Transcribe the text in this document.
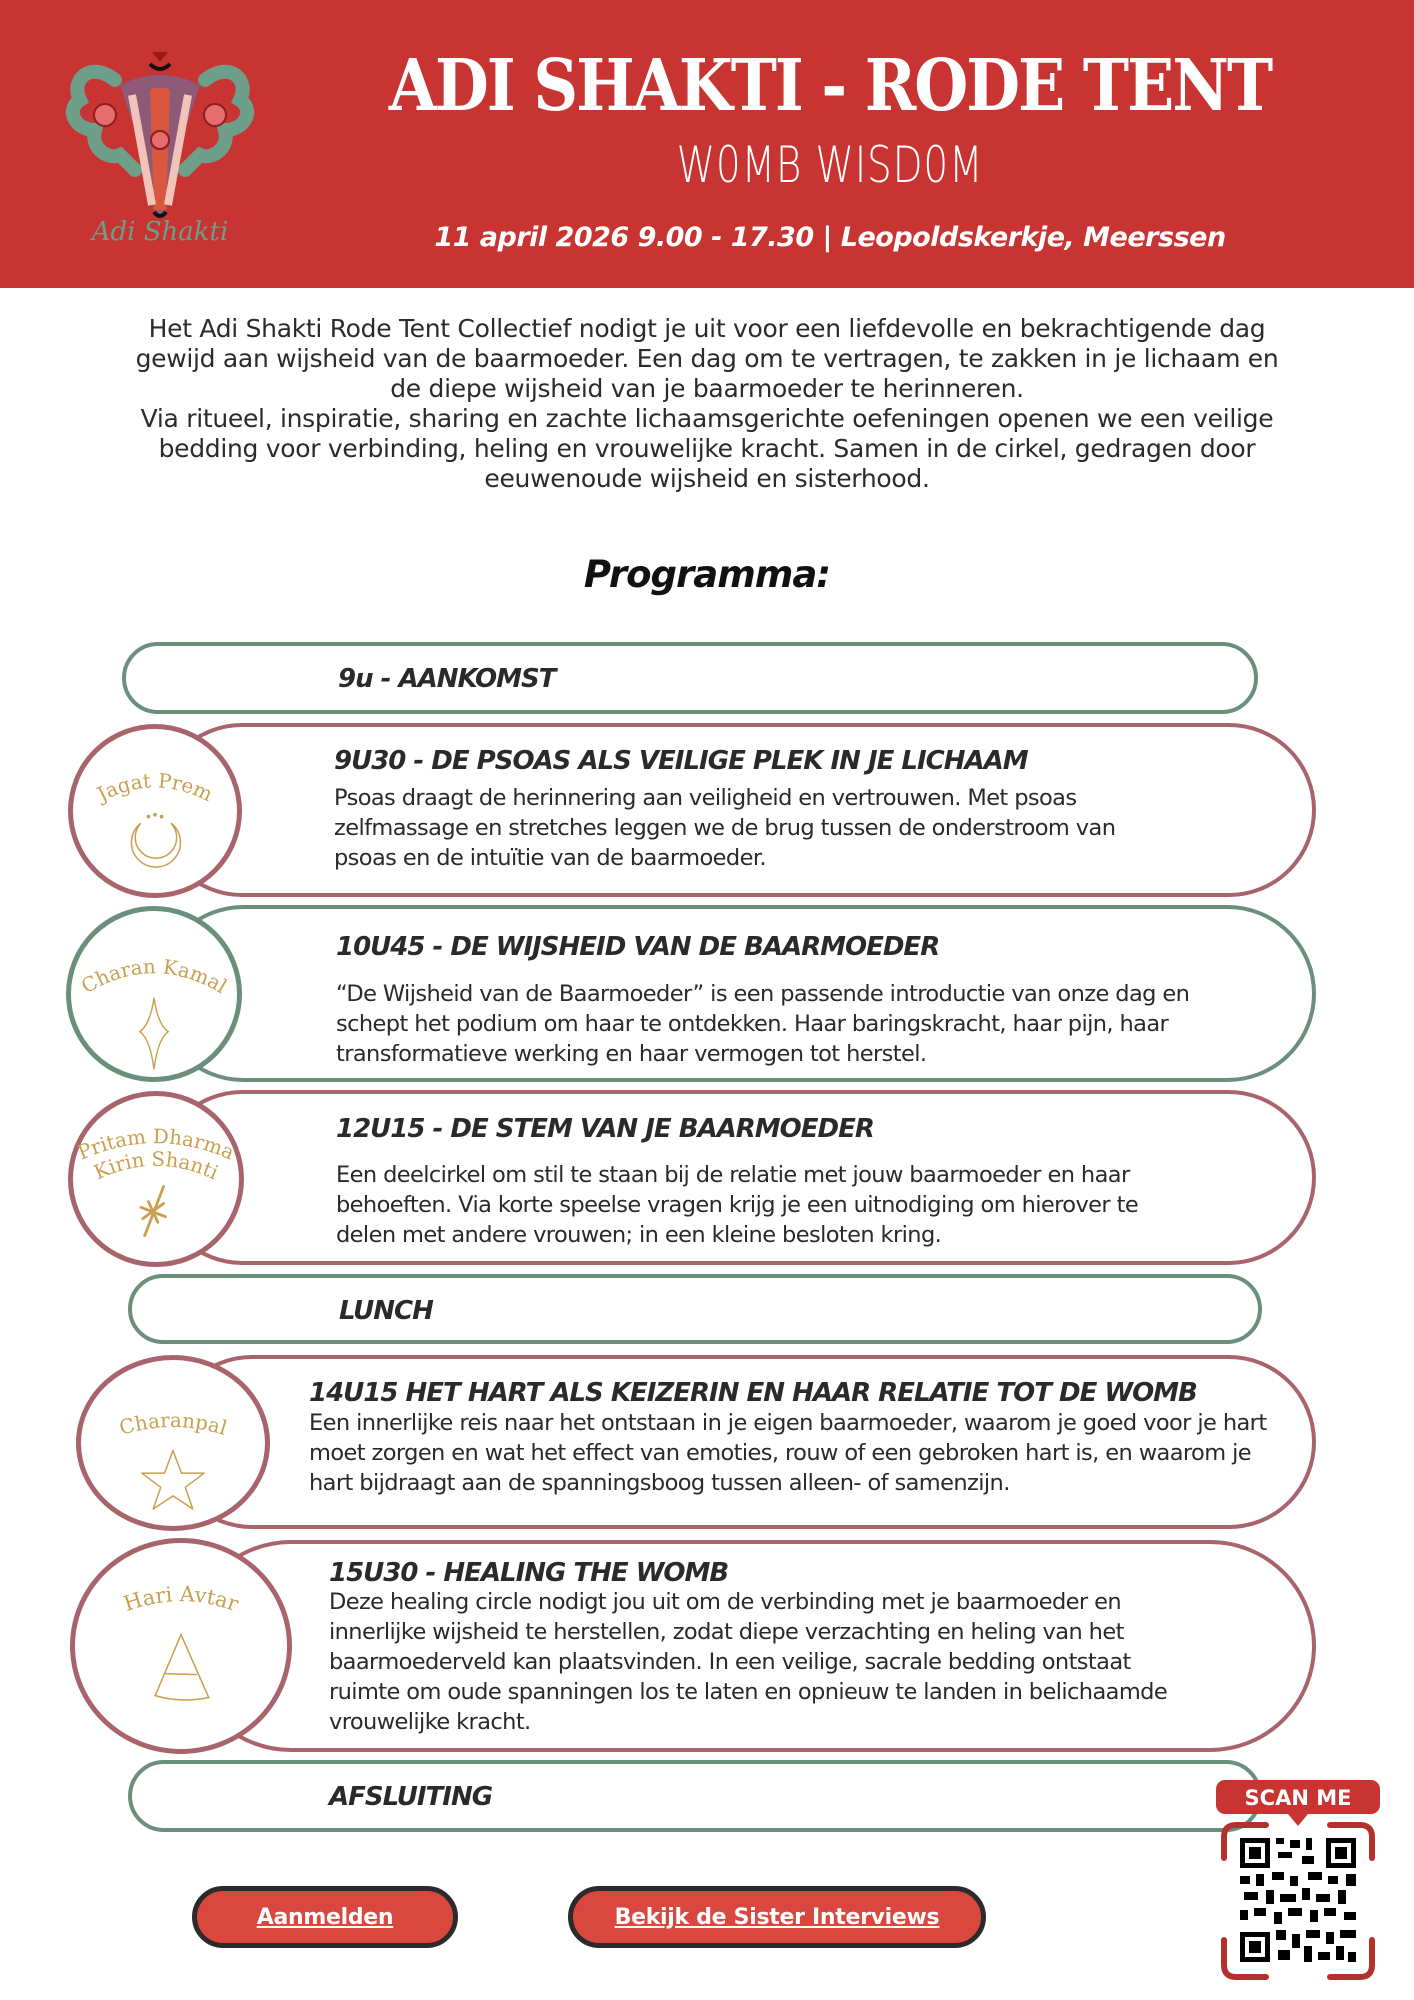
Adi Shakti
ADI SHAKTI - RODE TENT
W0MB WISD0M
11 april 2026 9.00 - 17.30 | Leopoldskerkje, Meerssen

Het Adi Shakti Rode Tent Collectief nodigt je uit voor een liefdevolle en bekrachtigende dag gewijd aan wijsheid van de baarmoeder. Een dag om te vertragen, te zakken in je lichaam en de diepe wijsheid van je baarmoeder te herinneren.

Via ritueel, inspiratie, sharing en zachte lichaamsgerichte oefeningen openen we een veilige bedding voor verbinding, heling en vrouwelijke kracht. Samen in de cirkel, gedragen door eeuwenoude wijsheid en sisterhood.

Programma:
9u - AANKOMST
9U30 - DE PSOAS ALS VEILIGE PLEK IN JE LICHAAM
Psoas draagt de herinnering aan veiligheid en vertrouwen. Met psoas zelfmassage en stretches leggen we de brug tussen de onderstroom van psoas en de intuïtie van de baarmoeder.
Jagat Prem
10U45 - DE WIJSHEID VAN DE BAARMOEDER
“De Wijsheid van de Baarmoeder” is een passende introductie van onze dag en schept het podium om haar te ontdekken. Haar baringskracht, haar pijn, haar transformatieve werking en haar vermogen tot herstel.
Charan Kamal
12U15 - DE STEM VAN JE BAARMOEDER
Een deelcirkel om stil te staan bij de relatie met jouw baarmoeder en haar behoeften. Via korte speelse vragen krijg je een uitnodiging om hierover te delen met andere vrouwen; in een kleine besloten kring.
Pritam Dharma
Kirin Shanti
LUNCH
14U15 HET HART ALS KEIZERIN EN HAAR RELATIE TOT DE WOMB
Een innerlijke reis naar het ontstaan in je eigen baarmoeder, waarom je goed voor je hart moet zorgen en wat het effect van emoties, rouw of een gebroken hart is, en waarom je hart bijdraagt aan de spanningsboog tussen alleen- of samenzijn.
Charanpal
15U30 - HEALING THE WOMB
Deze healing circle nodigt jou uit om de verbinding met je baarmoeder en innerlijke wijsheid te herstellen, zodat diepe verzachting en heling van het baarmoederveld kan plaatsvinden. In een veilige, sacrale bedding ontstaat ruimte om oude spanningen los te laten en opnieuw te landen in belichaamde vrouwelijke kracht.
Hari Avtar
AFSLUITING
Aanmelden	Bekijk de Sister Interviews
SCAN ME
